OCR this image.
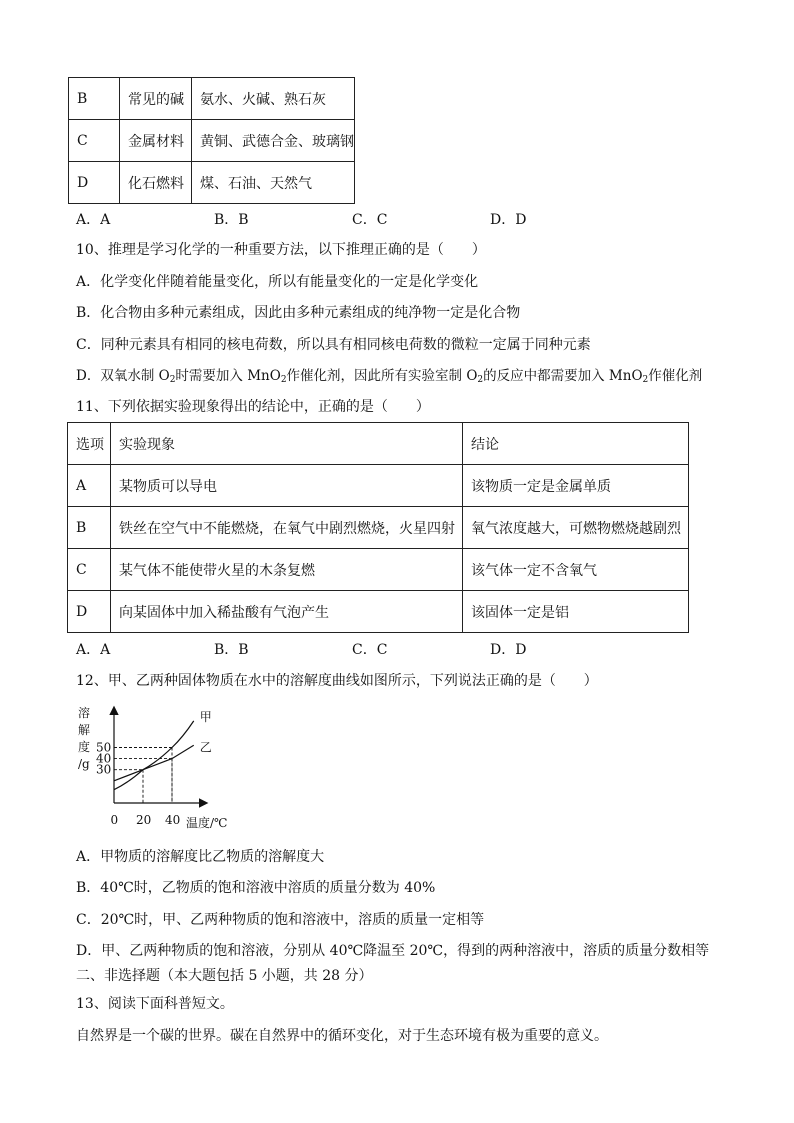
B	常见的碱	氨水、火碱、熟石灰
C	金属材料	黄铜、武德合金、玻璃钢
D	化石燃料	煤、石油、天然气
A．A	B．B	C．C	D．D
10、推理是学习化学的一种重要方法，以下推理正确的是（　　）
A．化学变化伴随着能量变化，所以有能量变化的一定是化学变化
B．化合物由多种元素组成，因此由多种元素组成的纯净物一定是化合物
C．同种元素具有相同的核电荷数，所以具有相同核电荷数的微粒一定属于同种元素
D．双氧水制 $O_2$时需要加入 MnO$_2$作催化剂，因此所有实验室制 $O_2$的反应中都需要加入 MnO$_2$作催化剂
11、下列依据实验现象得出的结论中，正确的是（　　）
选项	实验现象	结论
A	某物质可以导电	该物质一定是金属单质
B	铁丝在空气中不能燃烧，在氧气中剧烈燃烧，火星四射	氧气浓度越大，可燃物燃烧越剧烈
C	某气体不能使带火星的木条复燃	该气体一定不含氧气
D	向某固体中加入稀盐酸有气泡产生	该固体一定是铝
A．A	B．B	C．C	D．D
12、甲、乙两种固体物质在水中的溶解度曲线如图所示，下列说法正确的是（　　）
甲
乙
30
40
50
0 20 40
溶
解
度
/g
温度/℃
A．甲物质的溶解度比乙物质的溶解度大
B．40℃时，乙物质的饱和溶液中溶质的质量分数为 40%
C．20℃时，甲、乙两种物质的饱和溶液中，溶质的质量一定相等
D．甲、乙两种物质的饱和溶液，分别从 40℃降温至 20℃，得到的两种溶液中，溶质的质量分数相等
二、非选择题（本大题包括 5 小题，共 28 分）
13、阅读下面科普短文。
自然界是一个碳的世界。碳在自然界中的循环变化，对于生态环境有极为重要的意义。
